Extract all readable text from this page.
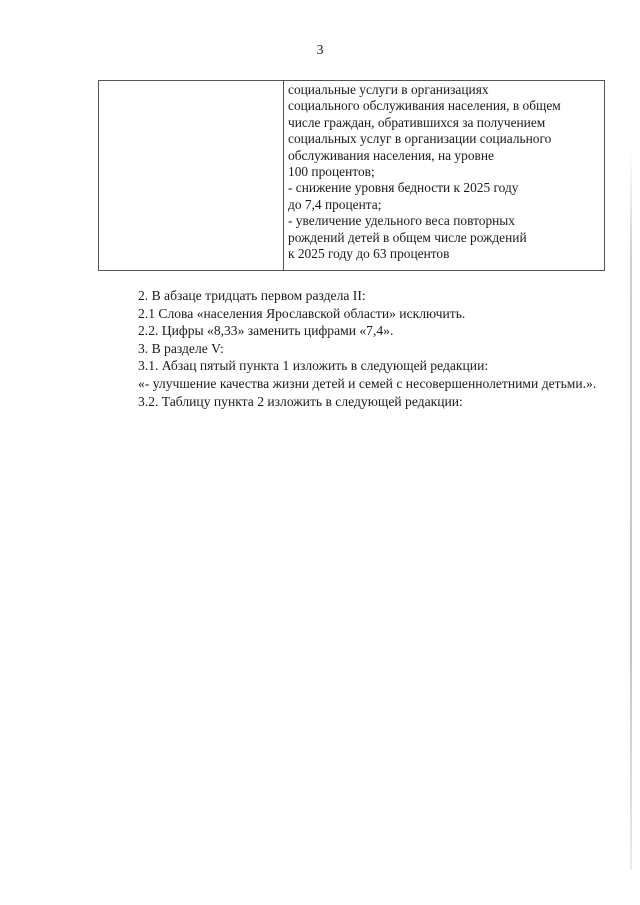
3
социальные услуги в организациях
социального обслуживания населения, в общем
числе граждан, обратившихся за получением
социальных услуг в организации социального
обслуживания населения, на уровне
100 процентов;
- снижение уровня бедности к 2025 году
до 7,4 процента;
- увеличение удельного веса повторных
рождений детей в общем числе рождений
к 2025 году до 63 процентов

2. В абзаце тридцать первом раздела II:

2.1 Слова «населения Ярославской области» исключить.

2.2. Цифры «8,33» заменить цифрами «7,4».

3. В разделе V:

3.1. Абзац пятый пункта 1 изложить в следующей редакции:

«- улучшение качества жизни детей и семей с несовершеннолетними детьми.».

3.2. Таблицу пункта 2 изложить в следующей редакции:
